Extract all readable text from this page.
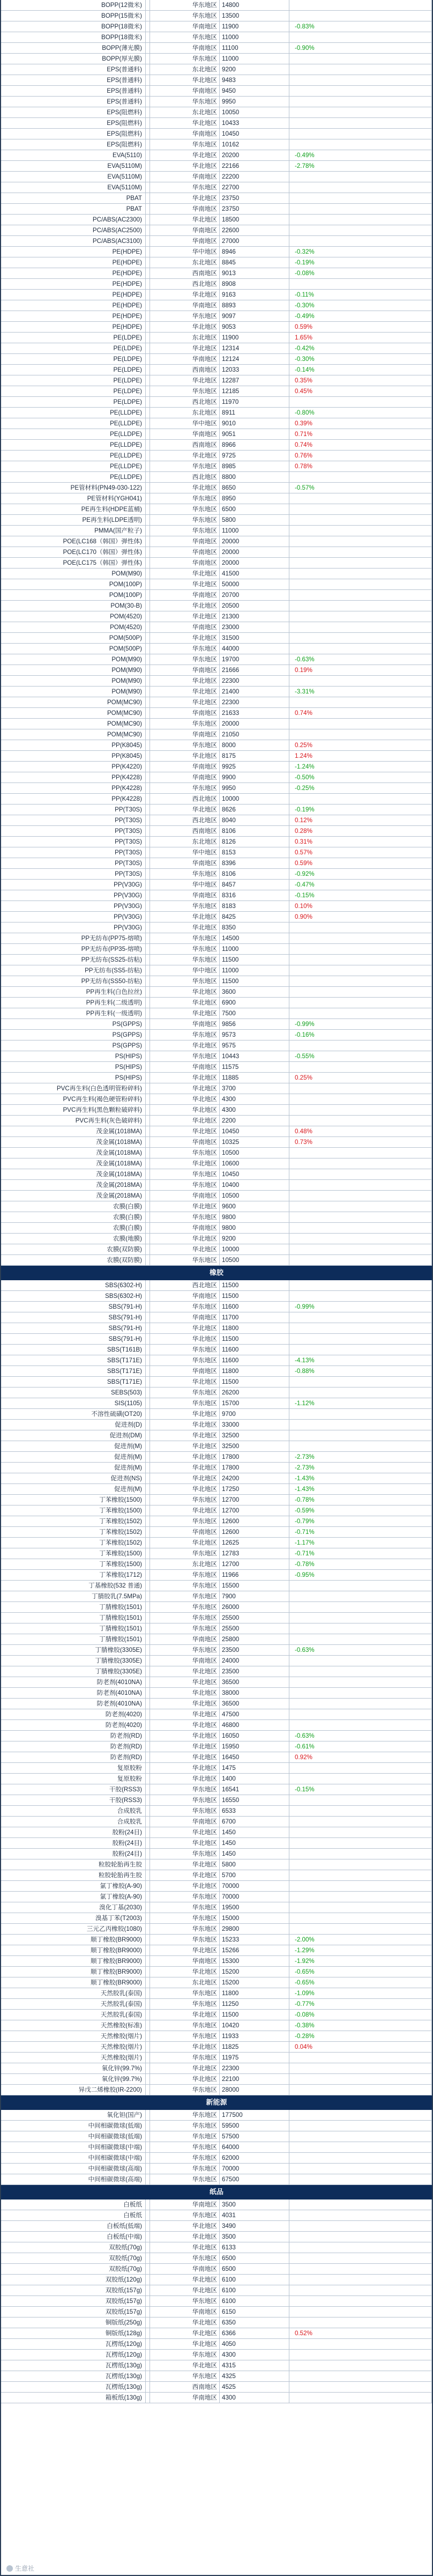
BOPP(12微米)	华东地区 14800
BOPP(15微米)	华东地区 13500
BOPP(18微米)	华南地区 11900	-0.83%
BOPP(18微米)	华东地区 11000
BOPP(薄光膜)	华南地区 11100	-0.90%
BOPP(厚光膜)	华东地区 11000
EPS(普通料)	东北地区 9200
EPS(普通料)	华北地区 9483
EPS(普通料)	华南地区 9450
EPS(普通料)	华东地区 9950
EPS(阻燃料)	东北地区 10050
EPS(阻燃料)	华北地区 10433
EPS(阻燃料)	华南地区 10450
EPS(阻燃料)	华东地区 10162
EVA(5110)	华北地区 20200	-0.49%
EVA(5110M)	华北地区 22166	-2.78%
EVA(5110M)	华南地区 22200
EVA(5110M)	华东地区 22700
PBAT	华北地区 23750
PBAT	华南地区 23750
PC/ABS(AC2300)	华北地区 18500
PC/ABS(AC2500)	华南地区 22600
PC/ABS(AC3100)	华南地区 27000
PE(HDPE)	华中地区 8946	-0.32%
PE(HDPE)	东北地区 8845	-0.19%
PE(HDPE)	西南地区 9013	-0.08%
PE(HDPE)	西北地区 8908
PE(HDPE)	华北地区 9163	-0.11%
PE(HDPE)	华南地区 8893	-0.30%
PE(HDPE)	华东地区 9097	-0.49%
PE(HDPE)	华北地区 9053	0.59%
PE(LDPE)	东北地区 11900	1.65%
PE(LDPE)	华北地区 12314	-0.42%
PE(LDPE)	华南地区 12124	-0.30%
PE(LDPE)	西南地区 12033	-0.14%
PE(LDPE)	华北地区 12287	0.35%
PE(LDPE)	华东地区 12185	0.45%
PE(LDPE)	西北地区 11970
PE(LLDPE)	东北地区 8911	-0.80%
PE(LLDPE)	华中地区 9010	0.39%
PE(LLDPE)	华南地区 9051	0.71%
PE(LLDPE)	西南地区 8966	0.74%
PE(LLDPE)	华北地区 9725	0.76%
PE(LLDPE)	华东地区 8985	0.78%
PE(LLDPE)	西北地区 8800
PE管材料(PN49-030-122)	华北地区 8650	-0.57%
PE管材料(YGH041)	华东地区 8950
PE再生料(HDPE蓝桶)	华东地区 6500
PE再生料(LDPE透明)	华东地区 5800
PMMA(国产粒子)	华东地区 11000
POE(LC168（韩国）弹性体)	华南地区 20000
POE(LC170（韩国）弹性体)	华南地区 20000
POE(LC175（韩国）弹性体)	华南地区 20000
POM(M90)	华北地区 41500
POM(100P)	华北地区 50000
POM(100P)	华南地区 20700
POM(30-B)	华北地区 20500
POM(4520)	华北地区 21300
POM(4520)	华南地区 23000
POM(500P)	华北地区 31500
POM(500P)	华东地区 44000
POM(M90)	华东地区 19700	-0.63%
POM(M90)	华南地区 21666	0.19%
POM(M90)	华北地区 22300
POM(M90)	华北地区 21400	-3.31%
POM(MC90)	华北地区 22300
POM(MC90)	华南地区 21633	0.74%
POM(MC90)	华东地区 20000
POM(MC90)	华南地区 21050
PP(K8045)	华东地区 8000	0.25%
PP(K8045)	华北地区 8175	1.24%
PP(K4220)	华南地区 9925	-1.24%
PP(K4228)	华南地区 9900	-0.50%
PP(K4228)	华东地区 9950	-0.25%
PP(K4228)	西北地区 10000
PP(T30S)	华北地区 8626	-0.19%
PP(T30S)	西北地区 8040	0.12%
PP(T30S)	西南地区 8106	0.28%
PP(T30S)	东北地区 8126	0.31%
PP(T30S)	华中地区 8153	0.57%
PP(T30S)	华南地区 8396	0.59%
PP(T30S)	华东地区 8106	-0.92%
PP(V30G)	华中地区 8457	-0.47%
PP(V30G)	华南地区 8316	-0.15%
PP(V30G)	华东地区 8183	0.10%
PP(V30G)	华北地区 8425	0.90%
PP(V30G)	华北地区 8350
PP无纺布(PP75-熔喷)	华东地区 14500
PP无纺布(PP35-熔喷)	华东地区 11000
PP无纺布(SS25-纺粘)	华东地区 11500
PP无纺布(SS5-纺粘)	华中地区 11000
PP无纺布(SS50-纺粘)	华东地区 11500
PP再生料(白色拉丝)	华北地区 3600
PP再生料(二级透明)	华北地区 6900
PP再生料(一级透明)	华北地区 7500
PS(GPPS)	华南地区 9856	-0.99%
PS(GPPS)	华东地区 9573	-0.16%
PS(GPPS)	华北地区 9575
PS(HIPS)	华东地区 10443	-0.55%
PS(HIPS)	华南地区 11575
PS(HIPS)	华北地区 11885	0.25%
PVC再生料(白色透明管粉碎料)	华北地区 3700
PVC再生料(褐色硬管粉碎料)	华北地区 4300
PVC再生料(黑色颗粒破碎料)	华北地区 4300
PVC再生料(灰色破碎料)	华北地区 2200
茂金属(1018MA)	华北地区 10450	0.48%
茂金属(1018MA)	华南地区 10325	0.73%
茂金属(1018MA)	华东地区 10500
茂金属(1018MA)	华北地区 10600
茂金属(1018MA)	华东地区 10450
茂金属(2018MA)	华东地区 10400
茂金属(2018MA)	华南地区 10500
农膜(白膜)	华北地区 9600
农膜(白膜)	华东地区 9800
农膜(白膜)	华南地区 9800
农膜(地膜)	华北地区 9200
农膜(双防膜)	华北地区 10000
农膜(双防膜)	华东地区 10500
橡胶
SBS(6302-H)	西北地区 11500
SBS(6302-H)	华南地区 11500
SBS(791-H)	华东地区 11600	-0.99%
SBS(791-H)	华南地区 11700
SBS(791-H)	华北地区 11800
SBS(791-H)	华北地区 11500
SBS(T161B)	华东地区 11600
SBS(T171E)	华东地区 11600	-4.13%
SBS(T171E)	华南地区 11800	-0.88%
SBS(T171E)	华北地区 11500
SEBS(503)	华东地区 26200
SIS(1105)	华东地区 15700	-1.12%
不溶性硫磺(OT20)	华北地区 9700
促进剂(D)	华北地区 33000
促进剂(DM)	华北地区 32500
促进剂(M)	华北地区 32500
促进剂(M)	华北地区 17800	-2.73%
促进剂(M)	华北地区 17800	-2.73%
促进剂(NS)	华北地区 24200	-1.43%
促进剂(M)	华北地区 17250	-1.43%
丁苯橡胶(1500)	华东地区 12700	-0.78%
丁苯橡胶(1500)	华北地区 12700	-0.59%
丁苯橡胶(1502)	华东地区 12600	-0.79%
丁苯橡胶(1502)	华南地区 12600	-0.71%
丁苯橡胶(1502)	华北地区 12625	-1.17%
丁苯橡胶(1500)	华东地区 12783	-0.71%
丁苯橡胶(1500)	东北地区 12700	-0.78%
丁苯橡胶(1712)	华东地区 11966	-0.95%
丁基橡胶(532 普通)	华东地区 15500
丁腈胶乳(7.5MPa)	华东地区 7900
丁腈橡胶(1501)	华东地区 26000
丁腈橡胶(1501)	华东地区 25500
丁腈橡胶(1501)	华东地区 25500
丁腈橡胶(1501)	华南地区 25800
丁腈橡胶(3305E)	华东地区 23500	-0.63%
丁腈橡胶(3305E)	华南地区 24000
丁腈橡胶(3305E)	华北地区 23500
防老剂(4010NA)	华北地区 36500
防老剂(4010NA)	华北地区 38000
防老剂(4010NA)	华北地区 36500
防老剂(4020)	华北地区 47500
防老剂(4020)	华北地区 46800
防老剂(RD)	华北地区 16050	-0.63%
防老剂(RD)	华北地区 15950	-0.61%
防老剂(RD)	华北地区 16450	0.92%
复原胶粉	华北地区 1475
复原胶粉	华北地区 1400
干胶(RSS3)	华东地区 16541	-0.15%
干胶(RSS3)	华东地区 16550
合成胶乳	华东地区 6533
合成胶乳	华南地区 6700
胶粉(24目)	华北地区 1450
胶粉(24目)	华北地区 1450
胶粉(24目)	华东地区 1450
粒胶轮胎再生胶	华北地区 5800
粒胶轮胎再生胶	华北地区 5700
氯丁橡胶(A-90)	华北地区 70000
氯丁橡胶(A-90)	华东地区 70000
溴化丁基(2030)	华东地区 19500
溴基丁苯(T2003)	华东地区 15000
三元乙丙橡胶(1080)	华东地区 29800
顺丁橡胶(BR9000)	华东地区 15233	-2.00%
顺丁橡胶(BR9000)	华北地区 15266	-1.29%
顺丁橡胶(BR9000)	华南地区 15300	-1.92%
顺丁橡胶(BR9000)	华北地区 15200	-0.65%
顺丁橡胶(BR9000)	东北地区 15200	-0.65%
天然胶乳(泰国)	华东地区 11800	-1.09%
天然胶乳(泰国)	华东地区 11250	-0.77%
天然胶乳(泰国)	华北地区 11500	-0.08%
天然橡胶(标准)	华东地区 10420	-0.38%
天然橡胶(烟片)	华东地区 11933	-0.28%
天然橡胶(烟片)	华北地区 11825	0.04%
天然橡胶(烟片)	华东地区 11975
氧化锌(99.7%)	华北地区 22300
氧化锌(99.7%)	华北地区 22100
异戊二烯橡胶(IR-2200)	华东地区 28000
新能源
氧化钽(国产)	华东地区 177500
中间相碳微球(低端)	华东地区 59500
中间相碳微球(低端)	华东地区 57500
中间相碳微球(中端)	华东地区 64000
中间相碳微球(中端)	华东地区 62000
中间相碳微球(高端)	华东地区 70000
中间相碳微球(高端)	华东地区 67500
纸品
白板纸	华南地区 3500
白板纸	华东地区 4031
白板纸(低端)	华北地区 3490
白板纸(中端)	华北地区 3500
双胶纸(70g)	华北地区 6133
双胶纸(70g)	华东地区 6500
双胶纸(70g)	华南地区 6500
双胶纸(120g)	华北地区 6100
双胶纸(157g)	华北地区 6100
双胶纸(157g)	华东地区 6100
双胶纸(157g)	华南地区 6150
铜版纸(250g)	华北地区 6350
铜版纸(128g)	华北地区 6366	0.52%
瓦楞纸(120g)	华北地区 4050
瓦楞纸(120g)	华东地区 4300
瓦楞纸(130g)	华北地区 4315
瓦楞纸(130g)	华东地区 4325
瓦楞纸(130g)	西南地区 4525
箱板纸(130g)	华南地区 4300
生意社
